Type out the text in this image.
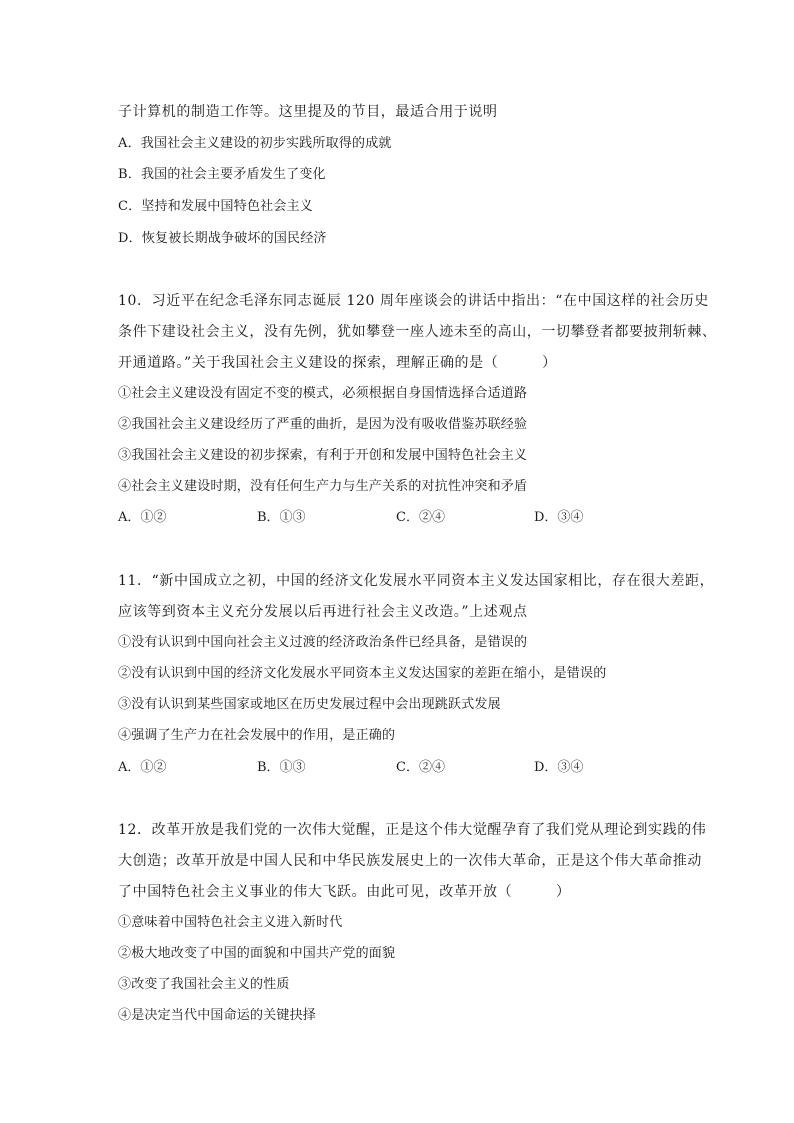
子计算机的制造工作等。这里提及的节目，最适合用于说明
A．我国社会主义建设的初步实践所取得的成就
B．我国的社会主要矛盾发生了变化
C．坚持和发展中国特色社会主义
D．恢复被长期战争破坏的国民经济
10．习近平在纪念毛泽东同志诞辰 120 周年座谈会的讲话中指出：“在中国这样的社会历史
条件下建设社会主义，没有先例，犹如攀登一座人迹未至的高山，一切攀登者都要披荆斩棘、
开通道路。”关于我国社会主义建设的探索，理解正确的是（　　　）
①社会主义建设没有固定不变的模式，必须根据自身国情选择合适道路
②我国社会主义建设经历了严重的曲折，是因为没有吸收借鉴苏联经验
③我国社会主义建设的初步探索，有利于开创和发展中国特色社会主义
④社会主义建设时期，没有任何生产力与生产关系的对抗性冲突和矛盾
A．①②	B．①③	C．②④	D．③④
11．“新中国成立之初，中国的经济文化发展水平同资本主义发达国家相比，存在很大差距，
应该等到资本主义充分发展以后再进行社会主义改造。”上述观点
①没有认识到中国向社会主义过渡的经济政治条件已经具备，是错误的
②没有认识到中国的经济文化发展水平同资本主义发达国家的差距在缩小，是错误的
③没有认识到某些国家或地区在历史发展过程中会出现跳跃式发展
④强调了生产力在社会发展中的作用，是正确的
A．①②	B．①③	C．②④	D．③④
12．改革开放是我们党的一次伟大觉醒，正是这个伟大觉醒孕育了我们党从理论到实践的伟
大创造；改革开放是中国人民和中华民族发展史上的一次伟大革命，正是这个伟大革命推动
了中国特色社会主义事业的伟大飞跃。由此可见，改革开放（　　　）
①意味着中国特色社会主义进入新时代
②极大地改变了中国的面貌和中国共产党的面貌
③改变了我国社会主义的性质
④是决定当代中国命运的关键抉择
